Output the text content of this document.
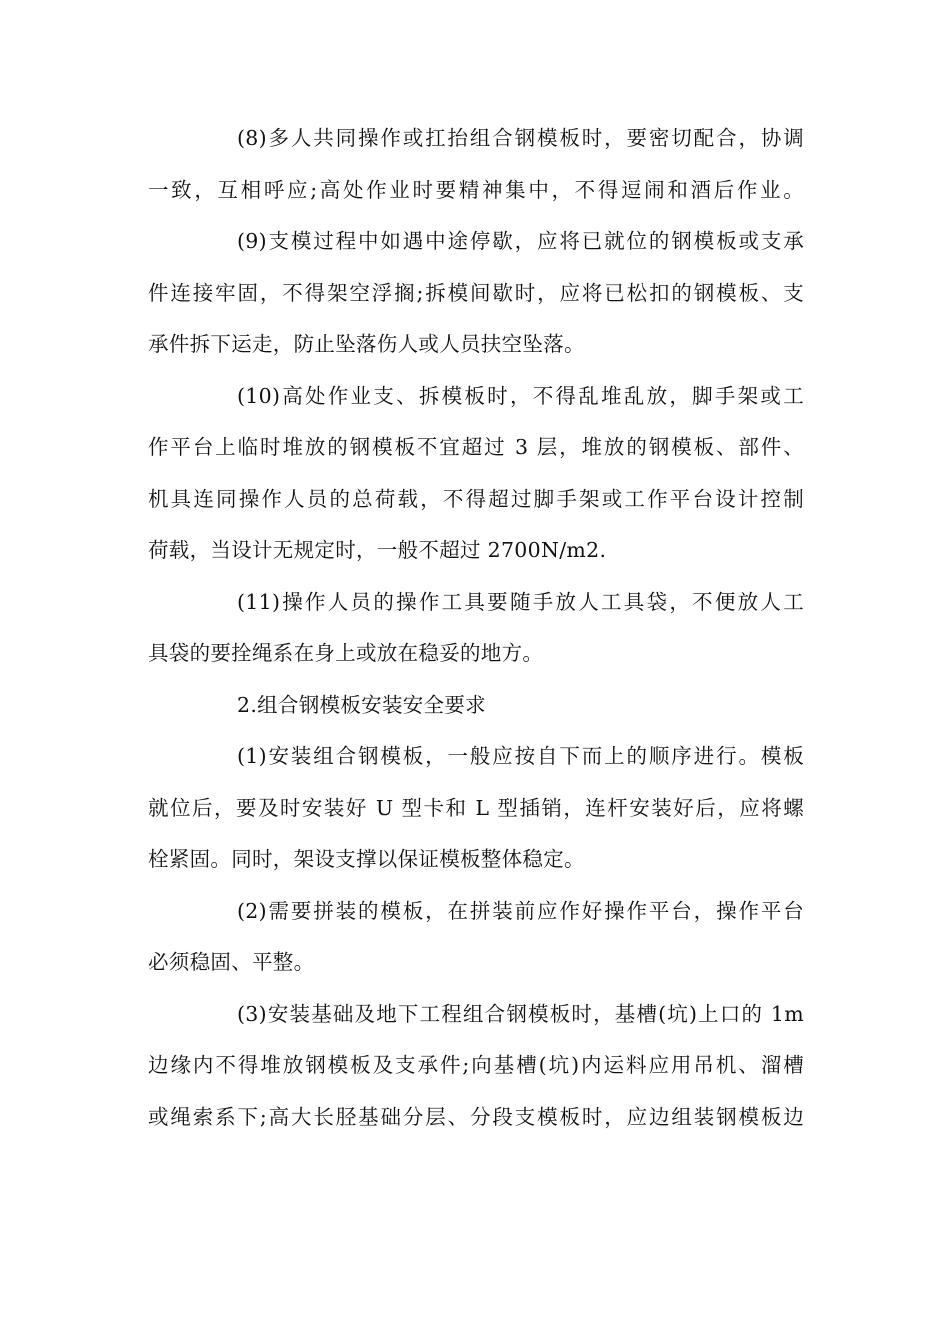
(8)多人共同操作或扛抬组合钢模板时，要密切配合，协调
一致，互相呼应;高处作业时要精神集中，不得逗闹和酒后作业。
(9)支模过程中如遇中途停歇，应将已就位的钢模板或支承
件连接牢固，不得架空浮搁;拆模间歇时，应将已松扣的钢模板、支
承件拆下运走，防止坠落伤人或人员扶空坠落。
(10)高处作业支、拆模板时，不得乱堆乱放，脚手架或工
作平台上临时堆放的钢模板不宜超过 3 层，堆放的钢模板、部件、
机具连同操作人员的总荷载，不得超过脚手架或工作平台设计控制
荷载，当设计无规定时，一般不超过 2700N/m2.
(11)操作人员的操作工具要随手放人工具袋，不便放人工
具袋的要拴绳系在身上或放在稳妥的地方。
2.组合钢模板安装安全要求
(1)安装组合钢模板，一般应按自下而上的顺序进行。模板
就位后，要及时安装好 U 型卡和 L 型插销，连杆安装好后，应将螺
栓紧固。同时，架设支撑以保证模板整体稳定。
(2)需要拼装的模板，在拼装前应作好操作平台，操作平台
必须稳固、平整。
(3)安装基础及地下工程组合钢模板时，基槽(坑)上口的 1m
边缘内不得堆放钢模板及支承件;向基槽(坑)内运料应用吊机、溜槽
或绳索系下;高大长胫基础分层、分段支模板时，应边组装钢模板边
